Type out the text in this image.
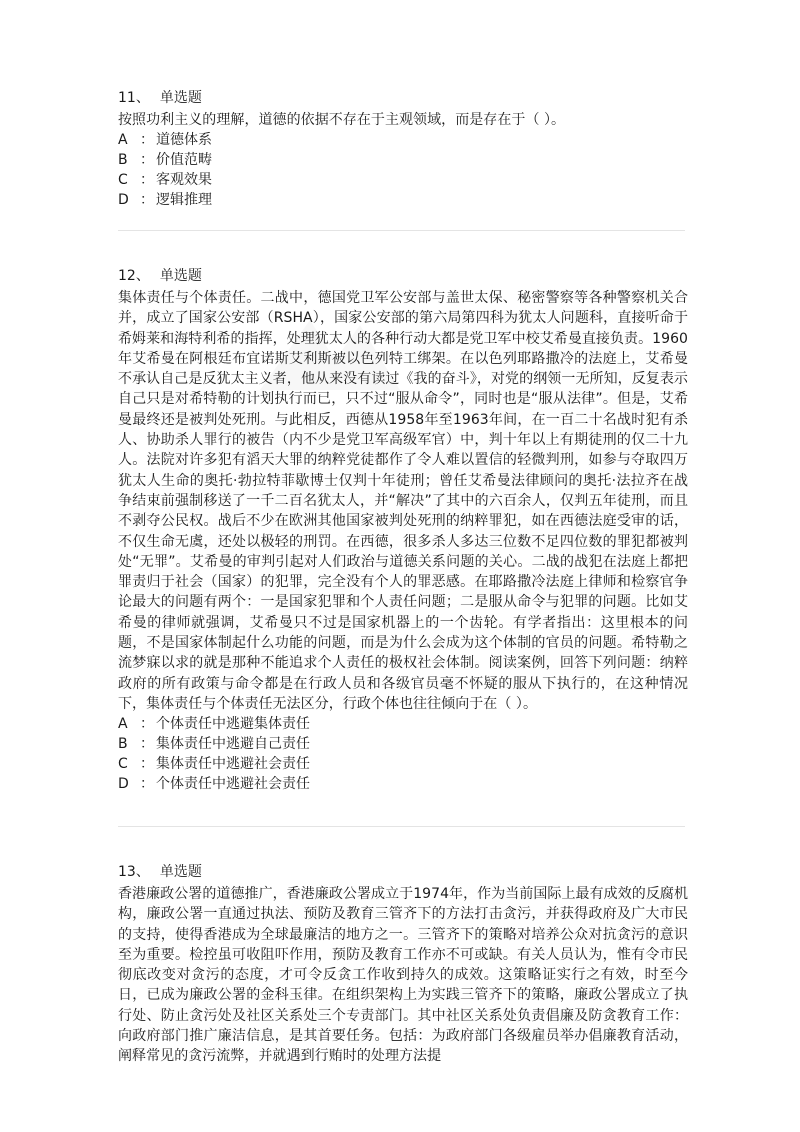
11、 单选题

按照功利主义的理解，道德的依据不存在于主观领域，而是存在于（ ）。

A ： 道德体系
B ： 价值范畴
C ： 客观效果
D ： 逻辑推理
12、 单选题

集体责任与个体责任。二战中，德国党卫军公安部与盖世太保、秘密警察等各种警察机关合并，成立了国家公安部（RSHA），国家公安部的第六局第四科为犹太人问题科，直接听命于希姆莱和海特利希的指挥，处理犹太人的各种行动大都是党卫军中校艾希曼直接负责。1960年艾希曼在阿根廷布宜诺斯艾利斯被以色列特工绑架。在以色列耶路撒冷的法庭上，艾希曼不承认自己是反犹太主义者，他从来没有读过《我的奋斗》，对党的纲领一无所知，反复表示自己只是对希特勒的计划执行而已，只不过“服从命令”，同时也是“服从法律”。但是，艾希曼最终还是被判处死刑。与此相反，西德从1958年至1963年间，在一百二十名战时犯有杀人、协助杀人罪行的被告（内不少是党卫军高级军官）中，判十年以上有期徒刑的仅二十九人。法院对许多犯有滔天大罪的纳粹党徒都作了令人难以置信的轻微判刑，如参与夺取四万犹太人生命的奥托·勃拉特菲歇博士仅判十年徒刑；曾任艾希曼法律顾问的奥托·法拉齐在战争结束前强制移送了一千二百名犹太人，并“解决”了其中的六百余人，仅判五年徒刑，而且不剥夺公民权。战后不少在欧洲其他国家被判处死刑的纳粹罪犯，如在西德法庭受审的话，不仅生命无虞，还处以极轻的刑罚。在西德，很多杀人多达三位数不足四位数的罪犯都被判处“无罪”。艾希曼的审判引起对人们政治与道德关系问题的关心。二战的战犯在法庭上都把罪责归于社会（国家）的犯罪，完全没有个人的罪恶感。在耶路撒冷法庭上律师和检察官争论最大的问题有两个：一是国家犯罪和个人责任问题；二是服从命令与犯罪的问题。比如艾希曼的律师就强调，艾希曼只不过是国家机器上的一个齿轮。有学者指出：这里根本的问题，不是国家体制起什么功能的问题，而是为什么会成为这个体制的官员的问题。希特勒之流梦寐以求的就是那种不能追求个人责任的极权社会体制。阅读案例，回答下列问题：纳粹政府的所有政策与命令都是在行政人员和各级官员毫不怀疑的服从下执行的，在这种情况下，集体责任与个体责任无法区分，行政个体也往往倾向于在（ ）。

A ： 个体责任中逃避集体责任
B ： 集体责任中逃避自己责任
C ： 集体责任中逃避社会责任
D ： 个体责任中逃避社会责任
13、 单选题

香港廉政公署的道德推广，香港廉政公署成立于1974年，作为当前国际上最有成效的反腐机构，廉政公署一直通过执法、预防及教育三管齐下的方法打击贪污，并获得政府及广大市民的支持，使得香港成为全球最廉洁的地方之一。三管齐下的策略对培养公众对抗贪污的意识至为重要。检控虽可收阻吓作用，预防及教育工作亦不可或缺。有关人员认为，惟有令市民彻底改变对贪污的态度，才可令反贪工作收到持久的成效。这策略证实行之有效，时至今日，已成为廉政公署的金科玉律。在组织架构上为实践三管齐下的策略，廉政公署成立了执行处、防止贪污处及社区关系处三个专责部门。其中社区关系处负责倡廉及防贪教育工作：向政府部门推广廉洁信息，是其首要任务。包括：为政府部门各级雇员举办倡廉教育活动，阐释常见的贪污流弊，并就遇到行贿时的处理方法提
